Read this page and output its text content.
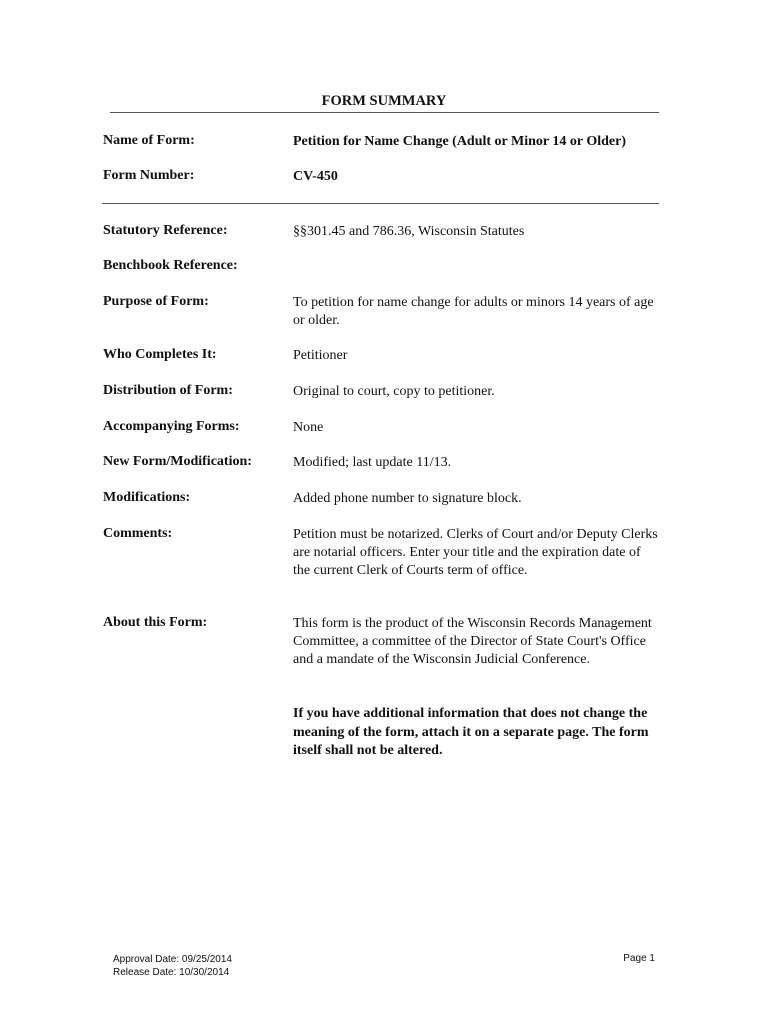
FORM SUMMARY
Name of Form:	Petition for Name Change (Adult or Minor 14 or Older)
Form Number:	CV-450
Statutory Reference:	§§301.45 and 786.36, Wisconsin Statutes
Benchbook Reference:
Purpose of Form:	To petition for name change for adults or minors 14 years of age or older.
Who Completes It:	Petitioner
Distribution of Form:	Original to court, copy to petitioner.
Accompanying Forms:	None
New Form/Modification:	Modified; last update 11/13.
Modifications:	Added phone number to signature block.
Comments:	Petition must be notarized. Clerks of Court and/or Deputy Clerks are notarial officers. Enter your title and the expiration date of the current Clerk of Courts term of office.
About this Form:	This form is the product of the Wisconsin Records Management Committee, a committee of the Director of State Court's Office and a mandate of the Wisconsin Judicial Conference.
If you have additional information that does not change the meaning of the form, attach it on a separate page. The form itself shall not be altered.
Approval Date: 09/25/2014
Release Date: 10/30/2014
Page 1
